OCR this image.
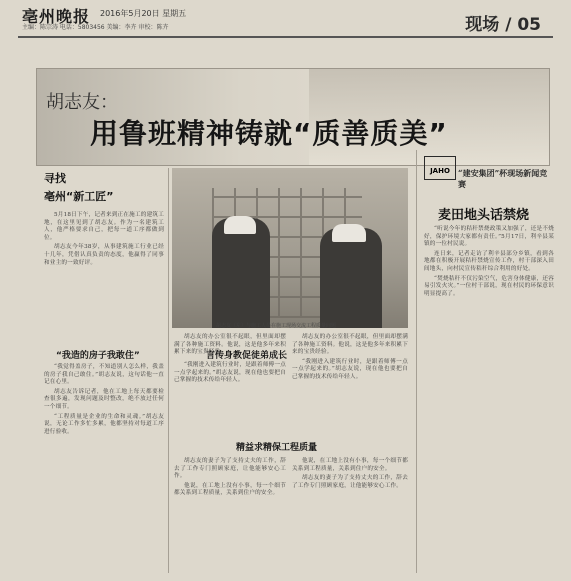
亳州晚报 2016年5月20日 星期五
主编：陈宗涛 电话：5803456 美编：李卉 审校：陈卉	现场 / 05
胡志友：
用鲁班精神铸就“质善质美”
寻找
亳州“新工匠”

5月18日下午，记者来到正在施工的建筑工地，在这里见到了胡志友。作为一名建筑工人，他严格要求自己，把每一道工序都做到位。

胡志友今年38岁，从事建筑施工行业已经十几年，凭借认真负责的态度，他赢得了同事和业主的一致好评。

“我造的房子我敢住”

“我觉得盖房子，不知道别人怎么样，我盖的房子我自己敢住。”胡志友说，这句话他一直记在心里。

胡志友告诉记者，他在工地上每天都要检查很多遍，发现问题及时整改，绝不放过任何一个细节。

“工程质量是企业的生命和灵魂。”胡志友说，无论工作多忙多累，他都坚持对每道工序进行验收。

胡志友（左）与施工人员在施工现场交流工程质量问题

胡志友的办公室很不起眼，但里面却摆满了各种施工资料。他说，这是他多年来积累下来的宝贵经验。

言传身教促徒弟成长

“我刚进入建筑行业时，是跟着师傅一点一点学起来的。”胡志友说，现在他也要把自己掌握的技术传给年轻人。

胡志友的办公室很不起眼，但里面却摆满了各种施工资料。他说，这是他多年来积累下来的宝贵经验。

“我刚进入建筑行业时，是跟着师傅一点一点学起来的。”胡志友说，现在他也要把自己掌握的技术传给年轻人。

精益求精保工程质量

胡志友的妻子为了支持丈夫的工作，辞去了工作专门照顾家庭，让他能够安心工作。

他说，在工地上没有小事，每一个细节都关系到工程质量，关系到住户的安全。

他说，在工地上没有小事，每一个细节都关系到工程质量，关系到住户的安全。

胡志友的妻子为了支持丈夫的工作，辞去了工作专门照顾家庭，让他能够安心工作。

JAHO	“建安集团”杯现场新闻竞赛
麦田地头话禁烧

“听说今年的秸秆禁烧政策又加强了，还是不烧好，保护环境大家都有责任。”5月17日，利辛县某镇的一位村民说。

连日来，记者走访了利辛县部分乡镇，看到各地都在积极开展秸秆禁烧宣传工作，村干部深入田间地头，向村民宣传秸秆综合利用的好处。

“焚烧秸秆不仅污染空气，危害身体健康，还容易引发火灾。”一位村干部说，现在村民的环保意识明显提高了。
